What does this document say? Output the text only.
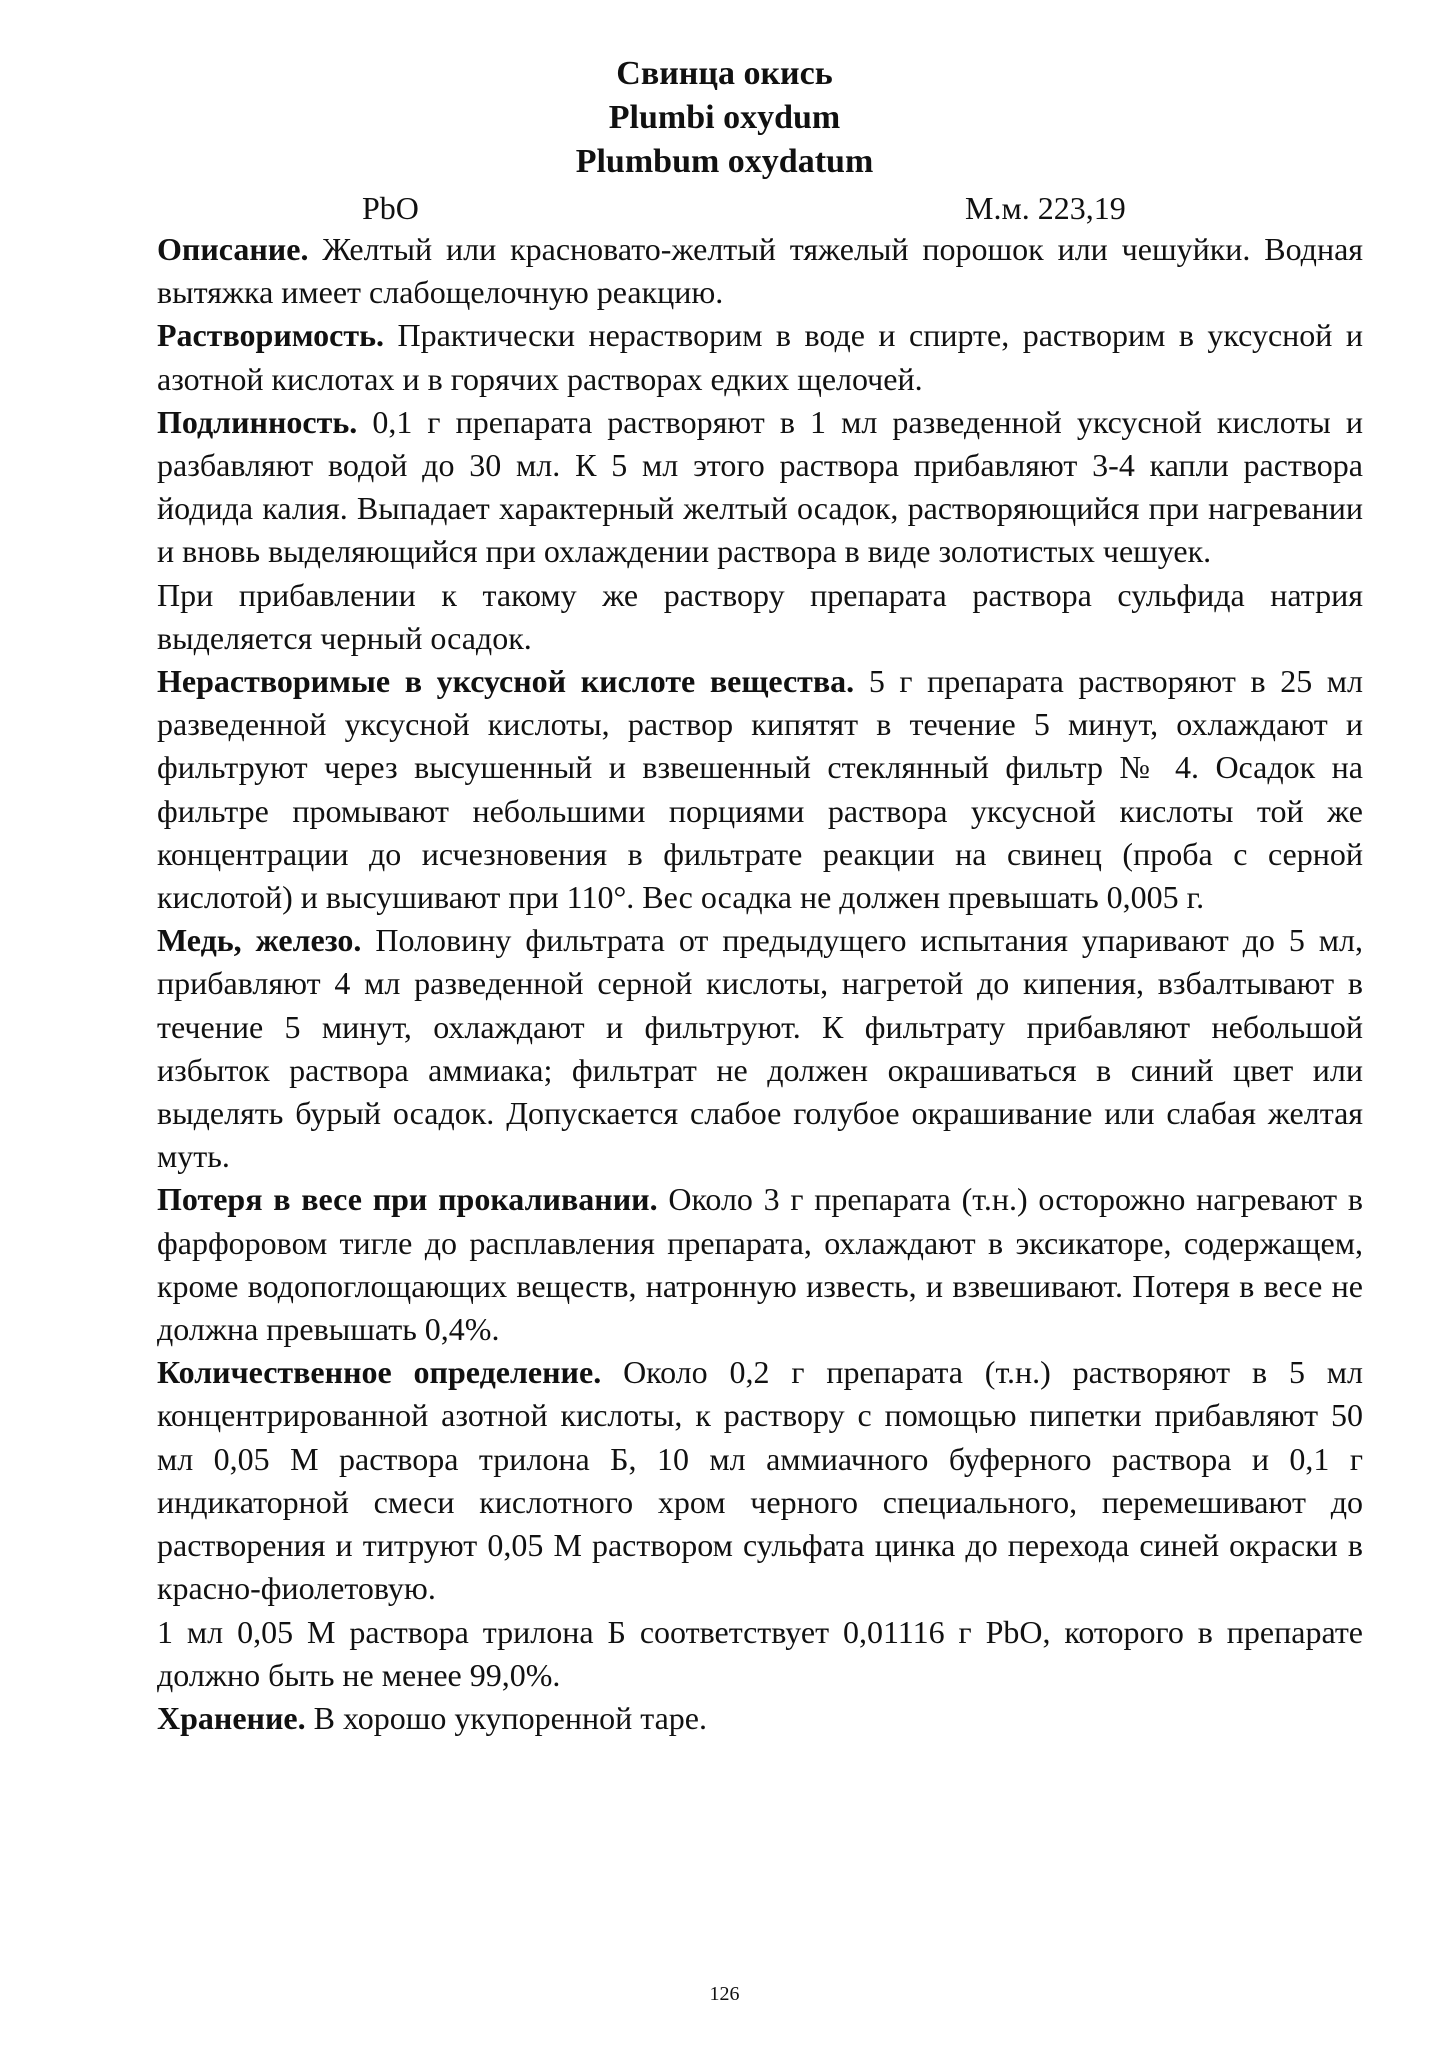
Свинца окись
Plumbi oxydum
Plumbum oxydatum
PbO	М.м. 223,19

Описание. Желтый или красновато-желтый тяжелый порошок или чешуйки. Водная вытяжка имеет слабощелочную реакцию.

Растворимость. Практически нерастворим в воде и спирте, растворим в уксусной и азотной кислотах и в горячих растворах едких щелочей.

Подлинность. 0,1 г препарата растворяют в 1 мл разведенной уксусной кислоты и разбавляют водой до 30 мл. К 5 мл этого раствора прибавляют 3-4 капли раствора йодида калия. Выпадает характерный желтый осадок, растворяющийся при нагревании и вновь выделяющийся при охлаждении раствора в виде золотистых чешуек.

При прибавлении к такому же раствору препарата раствора сульфида натрия выделяется черный осадок.

Нерастворимые в уксусной кислоте вещества. 5 г препарата растворяют в 25 мл разведенной уксусной кислоты, раствор кипятят в течение 5 минут, охлаждают и фильтруют через высушенный и взвешенный стеклянный фильтр № 4. Осадок на фильтре промывают небольшими порциями раствора уксусной кислоты той же концентрации до исчезновения в фильтрате реакции на свинец (проба с серной кислотой) и высушивают при 110°. Вес осадка не должен превышать 0,005 г.

Медь, железо. Половину фильтрата от предыдущего испытания упаривают до 5 мл, прибавляют 4 мл разведенной серной кислоты, нагретой до кипения, взбалтывают в течение 5 минут, охлаждают и фильтруют. К фильтрату прибавляют небольшой избыток раствора аммиака; фильтрат не должен окрашиваться в синий цвет или выделять бурый осадок. Допускается слабое голубое окрашивание или слабая желтая муть.

Потеря в весе при прокаливании. Около 3 г препарата (т.н.) осторожно нагревают в фарфоровом тигле до расплавления препарата, охлаждают в эксикаторе, содержащем, кроме водопоглощающих веществ, натронную известь, и взвешивают. Потеря в весе не должна превышать 0,4%.

Количественное определение. Около 0,2 г препарата (т.н.) растворяют в 5 мл концентрированной азотной кислоты, к раствору с помощью пипетки прибавляют 50 мл 0,05 М раствора трилона Б, 10 мл аммиачного буферного раствора и 0,1 г индикаторной смеси кислотного хром черного специального, перемешивают до растворения и титруют 0,05 М раствором сульфата цинка до перехода синей окраски в красно-фиолетовую.

1 мл 0,05 М раствора трилона Б соответствует 0,01116 г PbO, которого в препарате должно быть не менее 99,0%.

Хранение. В хорошо укупоренной таре.

126
